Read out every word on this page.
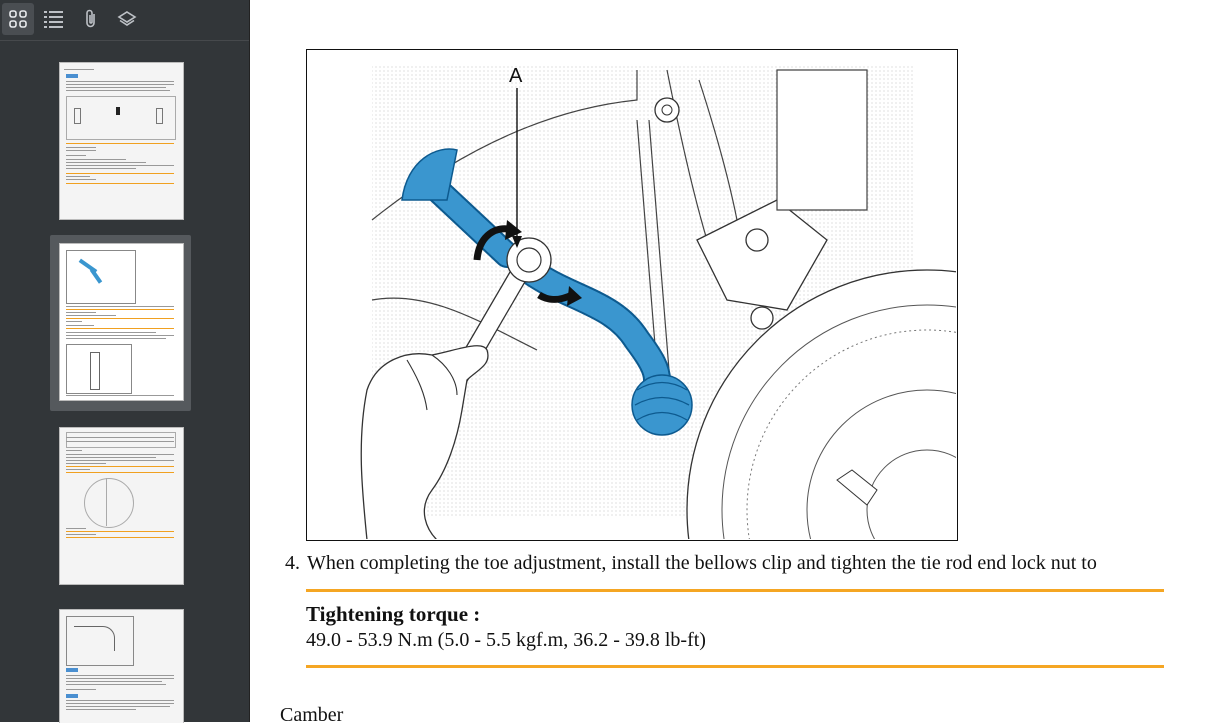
A
4. When completing the toe adjustment, install the bellows clip and tighten the tie rod end lock nut to
Tightening torque :
49.0 - 53.9 N.m (5.0 - 5.5 kgf.m, 36.2 - 39.8 lb-ft)
Camber
